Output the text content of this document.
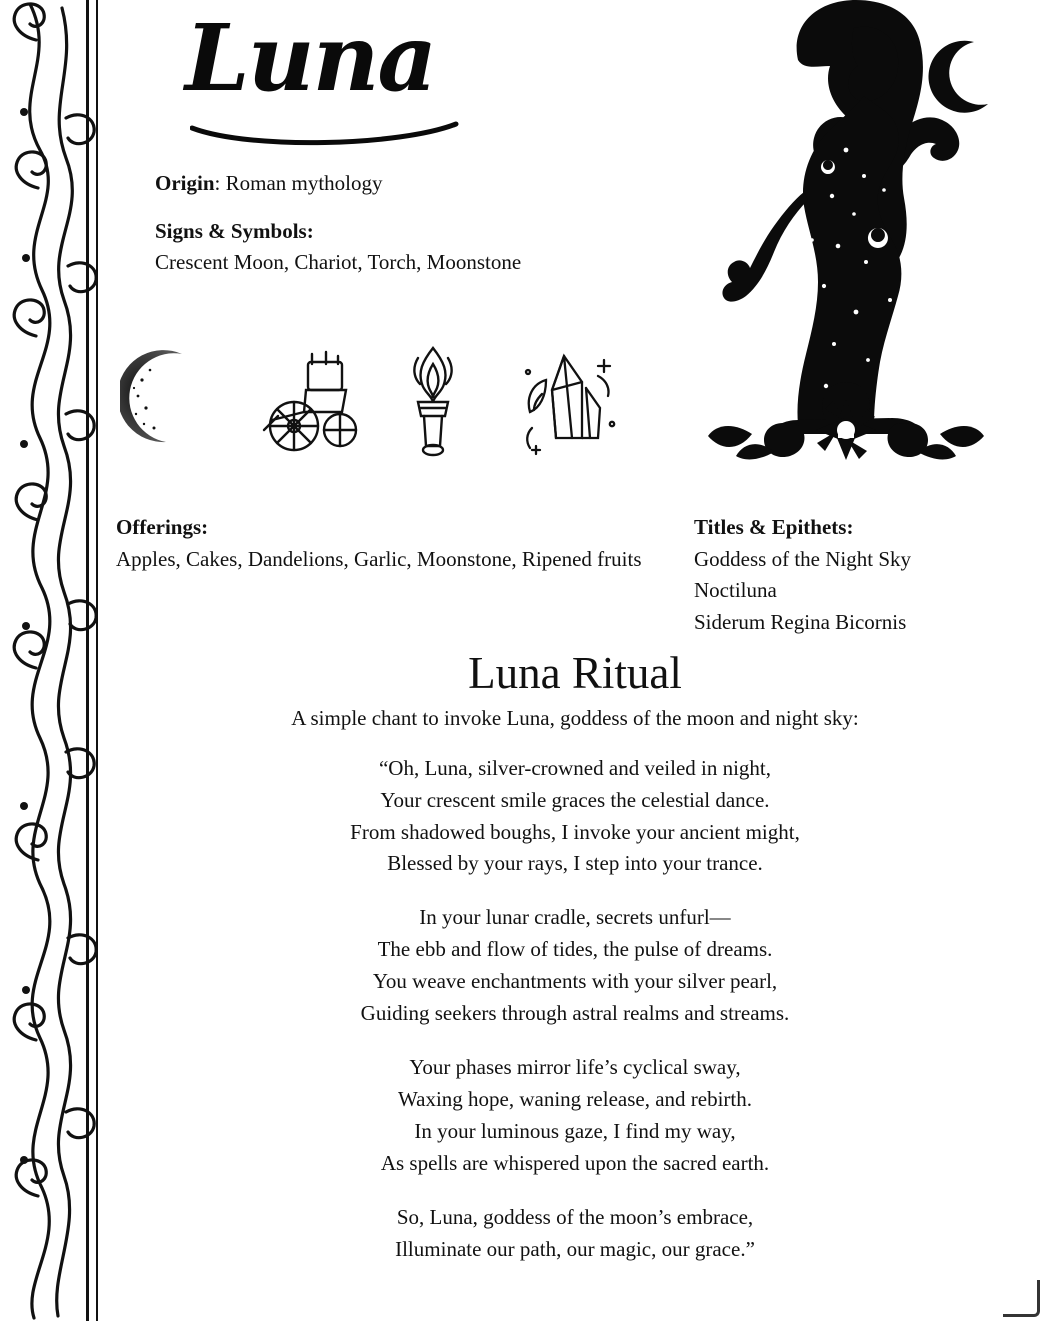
Luna
Origin: Roman mythology
Signs & Symbols:
Crescent Moon, Chariot, Torch, Moonstone
Offerings:
Apples, Cakes, Dandelions, Garlic, Moonstone, Ripened fruits
Titles & Epithets:
Goddess of the Night Sky
Noctiluna
Siderum Regina Bicornis
Luna Ritual
A simple chant to invoke Luna, goddess of the moon and night sky:
“Oh, Luna, silver-crowned and veiled in night,
Your crescent smile graces the celestial dance.
From shadowed boughs, I invoke your ancient might,
Blessed by your rays, I step into your trance.
In your lunar cradle, secrets unfurl—
The ebb and flow of tides, the pulse of dreams.
You weave enchantments with your silver pearl,
Guiding seekers through astral realms and streams.
Your phases mirror life’s cyclical sway,
Waxing hope, waning release, and rebirth.
In your luminous gaze, I find my way,
As spells are whispered upon the sacred earth.
So, Luna, goddess of the moon’s embrace,
Illuminate our path, our magic, our grace.”
